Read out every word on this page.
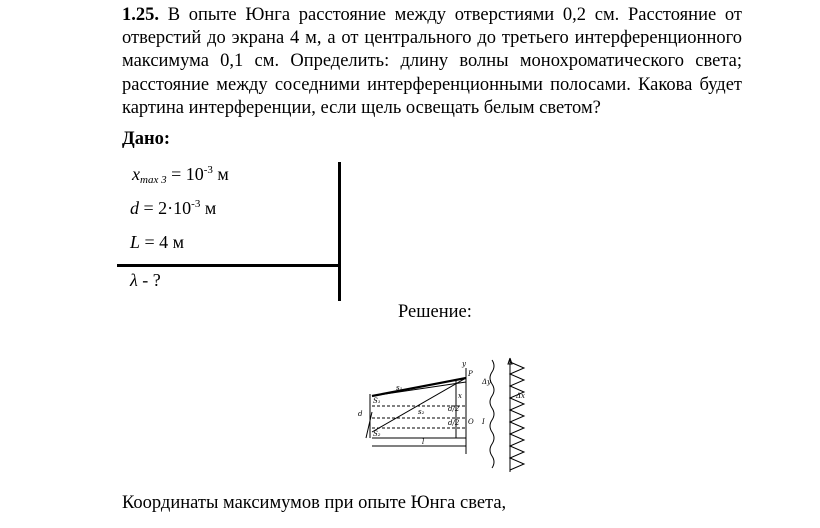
1.25. В опыте Юнга расстояние между отверстиями 0,2 см. Расстояние от отверстий до экрана 4 м, а от центрального до третьего интерференционного максимума 0,1 см. Определить: длину волны монохроматического света; расстояние между соседними интерференционными полосами. Какова будет картина интерференции, если щель освещать белым светом?
Дано:
$x_{max 3} = 10^{-3}$ м
$d = 2\cdot 10^{-3}$ м
L = 4 м
λ - ?
Решение:
s₁
s₂
S₁
S₂
d
d/2
d/2
l
x
P
O
y
Δy
Δx
I
Координаты максимумов при опыте Юнга света,
